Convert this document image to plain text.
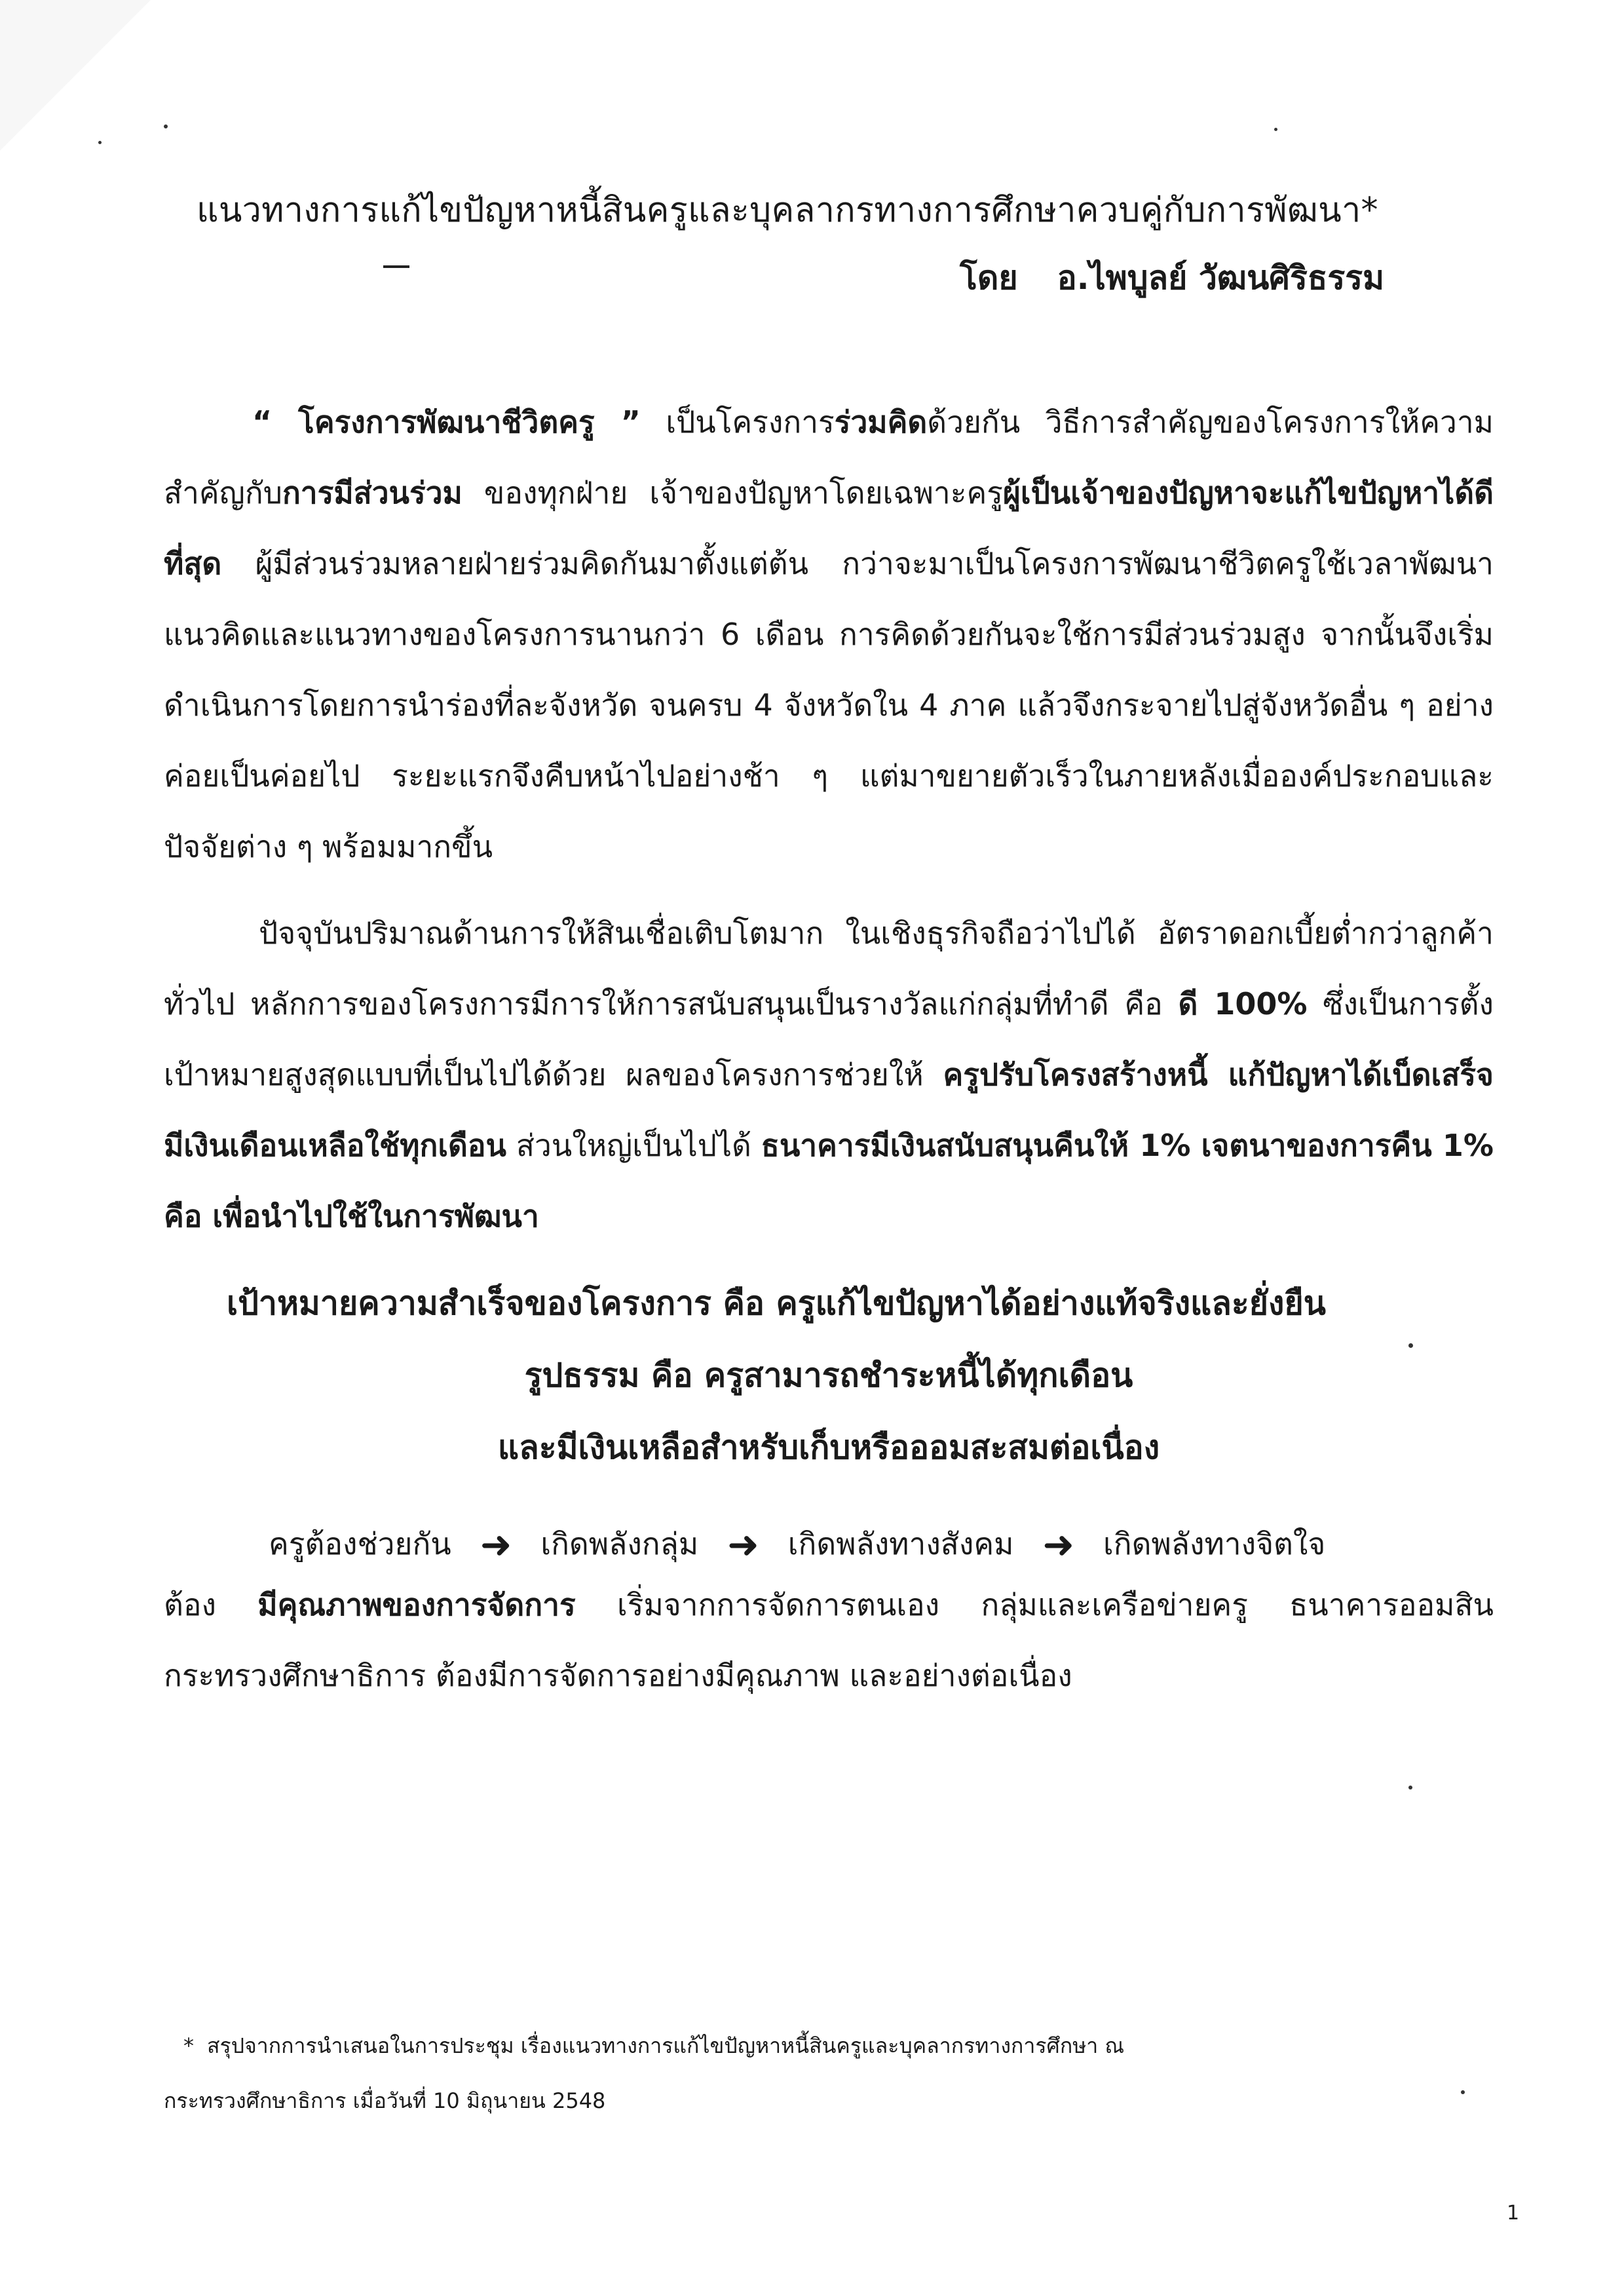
แนวทางการแก้ไขปัญหาหนี้สินครูและบุคลากรทางการศึกษาควบคู่กับการพัฒนา*
โดย อ.ไพบูลย์ วัฒนศิริธรรม
“ โครงการพัฒนาชีวิตครู ” เป็นโครงการร่วมคิดด้วยกัน วิธีการสำคัญของโครงการให้ความสำคัญกับการมีส่วนร่วม ของทุกฝ่าย เจ้าของปัญหาโดยเฉพาะครูผู้เป็นเจ้าของปัญหาจะแก้ไขปัญหาได้ดีที่สุด ผู้มีส่วนร่วมหลายฝ่ายร่วมคิดกันมาตั้งแต่ต้น กว่าจะมาเป็นโครงการพัฒนาชีวิตครูใช้เวลาพัฒนาแนวคิดและแนวทางของโครงการนานกว่า 6 เดือน การคิดด้วยกันจะใช้การมีส่วนร่วมสูง จากนั้นจึงเริ่มดำเนินการโดยการนำร่องที่ละจังหวัด จนครบ 4 จังหวัดใน 4 ภาค แล้วจึงกระจายไปสู่จังหวัดอื่น ๆ อย่างค่อยเป็นค่อยไป ระยะแรกจึงคืบหน้าไปอย่างช้า ๆ แต่มาขยายตัวเร็วในภายหลังเมื่อองค์ประกอบและปัจจัยต่าง ๆ พร้อมมากขึ้น
ปัจจุบันปริมาณด้านการให้สินเชื่อเติบโตมาก ในเชิงธุรกิจถือว่าไปได้ อัตราดอกเบี้ยต่ำกว่าลูกค้าทั่วไป หลักการของโครงการมีการให้การสนับสนุนเป็นรางวัลแก่กลุ่มที่ทำดี คือ ดี 100% ซึ่งเป็นการตั้งเป้าหมายสูงสุดแบบที่เป็นไปได้ด้วย ผลของโครงการช่วยให้ ครูปรับโครงสร้างหนี้ แก้ปัญหาได้เบ็ดเสร็จ มีเงินเดือนเหลือใช้ทุกเดือน ส่วนใหญ่เป็นไปได้ ธนาคารมีเงินสนับสนุนคืนให้ 1% เจตนาของการคืน 1% คือ เพื่อนำไปใช้ในการพัฒนา
เป้าหมายความสำเร็จของโครงการ คือ ครูแก้ไขปัญหาได้อย่างแท้จริงและยั่งยืน
รูปธรรม คือ ครูสามารถชำระหนี้ได้ทุกเดือน
และมีเงินเหลือสำหรับเก็บหรือออมสะสมต่อเนื่อง
ครูต้องช่วยกัน ➜ เกิดพลังกลุ่ม ➜ เกิดพลังทางสังคม ➜ เกิดพลังทางจิตใจ
ต้อง มีคุณภาพของการจัดการ เริ่มจากการจัดการตนเอง กลุ่มและเครือข่ายครู ธนาคารออมสิน กระทรวงศึกษาธิการ ต้องมีการจัดการอย่างมีคุณภาพ และอย่างต่อเนื่อง
* สรุปจากการนำเสนอในการประชุม เรื่องแนวทางการแก้ไขปัญหาหนี้สินครูและบุคลากรทางการศึกษา ณ
กระทรวงศึกษาธิการ เมื่อวันที่ 10 มิถุนายน 2548
1
